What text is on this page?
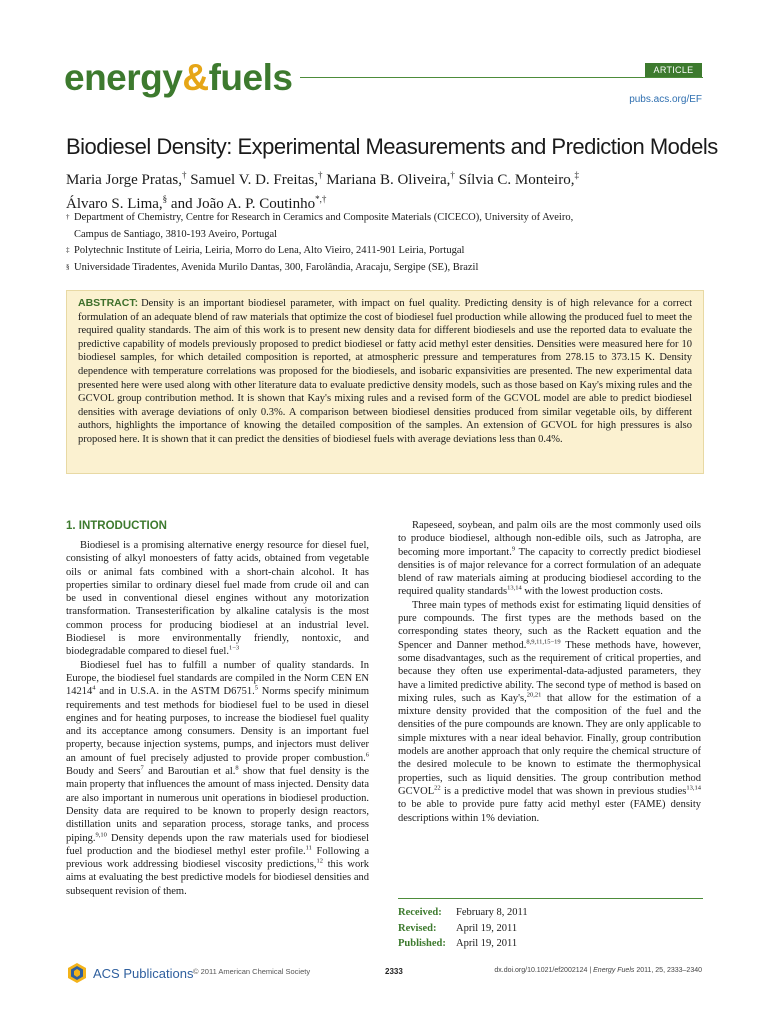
energy&fuels	ARTICLE
pubs.acs.org/EF
Biodiesel Density: Experimental Measurements and Prediction Models
Maria Jorge Pratas,† Samuel V. D. Freitas,† Mariana B. Oliveira,† Sílvia C. Monteiro,‡
Álvaro S. Lima,§ and João A. P. Coutinho*,†
† Department of Chemistry, Centre for Research in Ceramics and Composite Materials (CICECO), University of Aveiro,
Campus de Santiago, 3810-193 Aveiro, Portugal
‡ Polytechnic Institute of Leiria, Leiria, Morro do Lena, Alto Vieiro, 2411-901 Leiria, Portugal
§ Universidade Tiradentes, Avenida Murilo Dantas, 300, Farolândia, Aracaju, Sergipe (SE), Brazil
ABSTRACT: Density is an important biodiesel parameter, with impact on fuel quality. Predicting density is of high relevance for a correct formulation of an adequate blend of raw materials that optimize the cost of biodiesel fuel production while allowing the produced fuel to meet the required quality standards. The aim of this work is to present new density data for different biodiesels and use the reported data to evaluate the predictive capability of models previously proposed to predict biodiesel or fatty acid methyl ester densities. Densities were measured here for 10 biodiesel samples, for which detailed composition is reported, at atmospheric pressure and temperatures from 278.15 to 373.15 K. Density dependence with temperature correlations was proposed for the biodiesels, and isobaric expansivities are presented. The new experimental data presented here were used along with other literature data to evaluate predictive density models, such as those based on Kay's mixing rules and the GCVOL group contribution method. It is shown that Kay's mixing rules and a revised form of the GCVOL model are able to predict biodiesel densities with average deviations of only 0.3%. A comparison between biodiesel densities produced from similar vegetable oils, by different authors, highlights the importance of knowing the detailed composition of the samples. An extension of GCVOL for high pressures is also proposed here. It is shown that it can predict the densities of biodiesel fuels with average deviations less than 0.4%.
1. INTRODUCTION

Biodiesel is a promising alternative energy resource for diesel fuel, consisting of alkyl monoesters of fatty acids, obtained from vegetable oils or animal fats combined with a short-chain alcohol. It has properties similar to ordinary diesel fuel made from crude oil and can be used in conventional diesel engines without any motorization transformation. Transesterification by alkaline catalysis is the most common process for producing biodiesel at an industrial level. Biodiesel is more environmentally friendly, nontoxic, and biodegradable compared to diesel fuel.$^{1-3}$

Biodiesel fuel has to fulfill a number of quality standards. In Europe, the biodiesel fuel standards are compiled in the Norm CEN EN 14214$^4$ and in U.S.A. in the ASTM D6751.$^5$ Norms specify minimum requirements and test methods for biodiesel fuel to be used in diesel engines and for heating purposes, to increase the biodiesel fuel quality and its acceptance among consumers. Density is an important fuel property, because injection systems, pumps, and injectors must deliver an amount of fuel precisely adjusted to provide proper combustion.$^6$ Boudy and Seers$^7$ and Baroutian et al.$^8$ show that fuel density is the main property that influences the amount of mass injected. Density data are also important in numerous unit operations in biodiesel production. Density data are required to be known to properly design reactors, distillation units and separation process, storage tanks, and process piping.$^{9,10}$ Density depends upon the raw materials used for biodiesel fuel production and the biodiesel methyl ester profile.$^{11}$ Following a previous work addressing biodiesel viscosity predictions,$^{12}$ this work aims at evaluating the best predictive models for biodiesel densities and subsequent revision of them.

Rapeseed, soybean, and palm oils are the most commonly used oils to produce biodiesel, although non-edible oils, such as Jatropha, are becoming more important.$^9$ The capacity to correctly predict biodiesel densities is of major relevance for a correct formulation of an adequate blend of raw materials aiming at producing biodiesel according to the required quality standards$^{13,14}$ with the lowest production costs.

Three main types of methods exist for estimating liquid densities of pure compounds. The first types are the methods based on the corresponding states theory, such as the Rackett equation and the Spencer and Danner method.$^{8,9,11,15-19}$ These methods have, however, some disadvantages, such as the requirement of critical properties, and because they often use experimental-data-adjusted parameters, they have a limited predictive ability. The second type of method is based on mixing rules, such as Kay's,$^{20,21}$ that allow for the estimation of a mixture density provided that the composition of the fuel and the densities of the pure compounds are known. They are only applicable to simple mixtures with a near ideal behavior. Finally, group contribution models are another approach that only require the chemical structure of the desired molecule to be known to estimate the thermophysical properties, such as liquid densities. The group contribution method GCVOL$^{22}$ is a predictive model that was shown in previous studies$^{13,14}$ to be able to provide pure fatty acid methyl ester (FAME) density descriptions within 1% deviation.

Received:	February 8, 2011
Revised:	April 19, 2011
Published: April 19, 2011
ACS Publications © 2011 American Chemical Society	2333	dx.doi.org/10.1021/ef2002124 | Energy Fuels 2011, 25, 2333–2340
